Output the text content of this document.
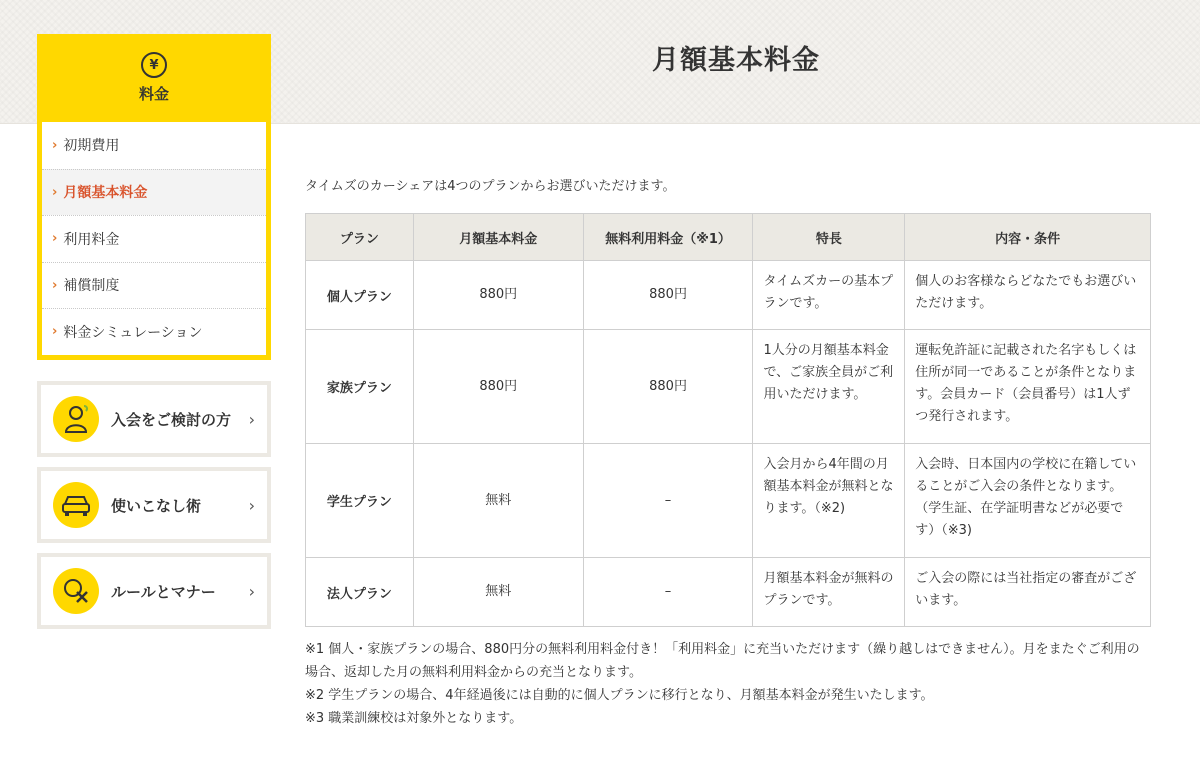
月額基本料金
¥
料金
› 初期費用
› 月額基本料金
› 利用料金
› 補償制度
› 料金シミュレーション
入会をご検討の方	›
使いこなし術	›
ルールとマナー	›

タイムズのカーシェアは4つのプランからお選びいただけます。

プラン	月額基本料金	無料利用料金（※1）	特長	内容・条件
個人プラン	880円	880円	タイムズカーの基本プランです。	個人のお客様ならどなたでもお選びいただけます。
家族プラン	880円	880円	1人分の月額基本料金で、ご家族全員がご利用いただけます。	運転免許証に記載された名字もしくは住所が同一であることが条件となります。会員カード（会員番号）は1人ずつ発行されます。
学生プラン	無料	–	入会月から4年間の月額基本料金が無料となります。（※2)	入会時、日本国内の学校に在籍していることがご入会の条件となります。（学生証、在学証明書などが必要です）（※3)
法人プラン	無料	–	月額基本料金が無料のプランです。	ご入会の際には当社指定の審査がございます。

※1 個人・家族プランの場合、880円分の無料利用料金付き！「利用料金」に充当いただけます（繰り越しはできません）。月をまたぐご利用の場合、返却した月の無料利用料金からの充当となります。

※2 学生プランの場合、4年経過後には自動的に個人プランに移行となり、月額基本料金が発生いたします。

※3 職業訓練校は対象外となります。
